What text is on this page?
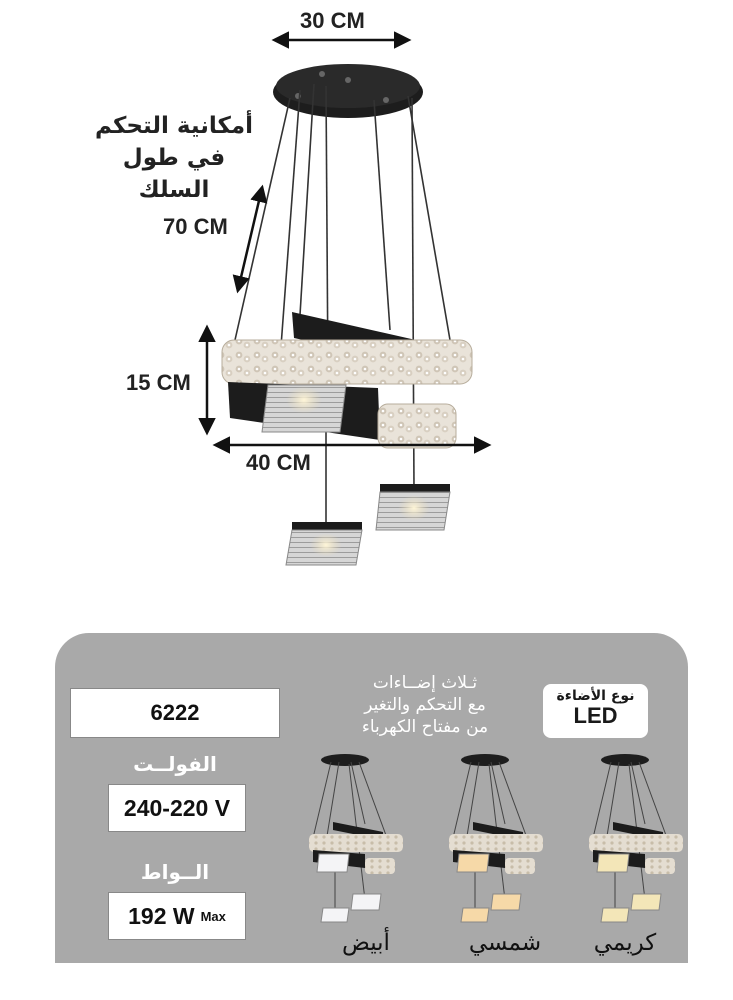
30 CM
70 CM
15 CM
40 CM
أمكانية التحكم
في طول السلك
6222
الفولــت
240-220 V
الــواط
192 W Max
ثـلاث إضــاءات
مع التحكم والتغير
من مفتاح الكهرباء
نوع الأضاءة
LED
أبيض	شمسي	كريمي
